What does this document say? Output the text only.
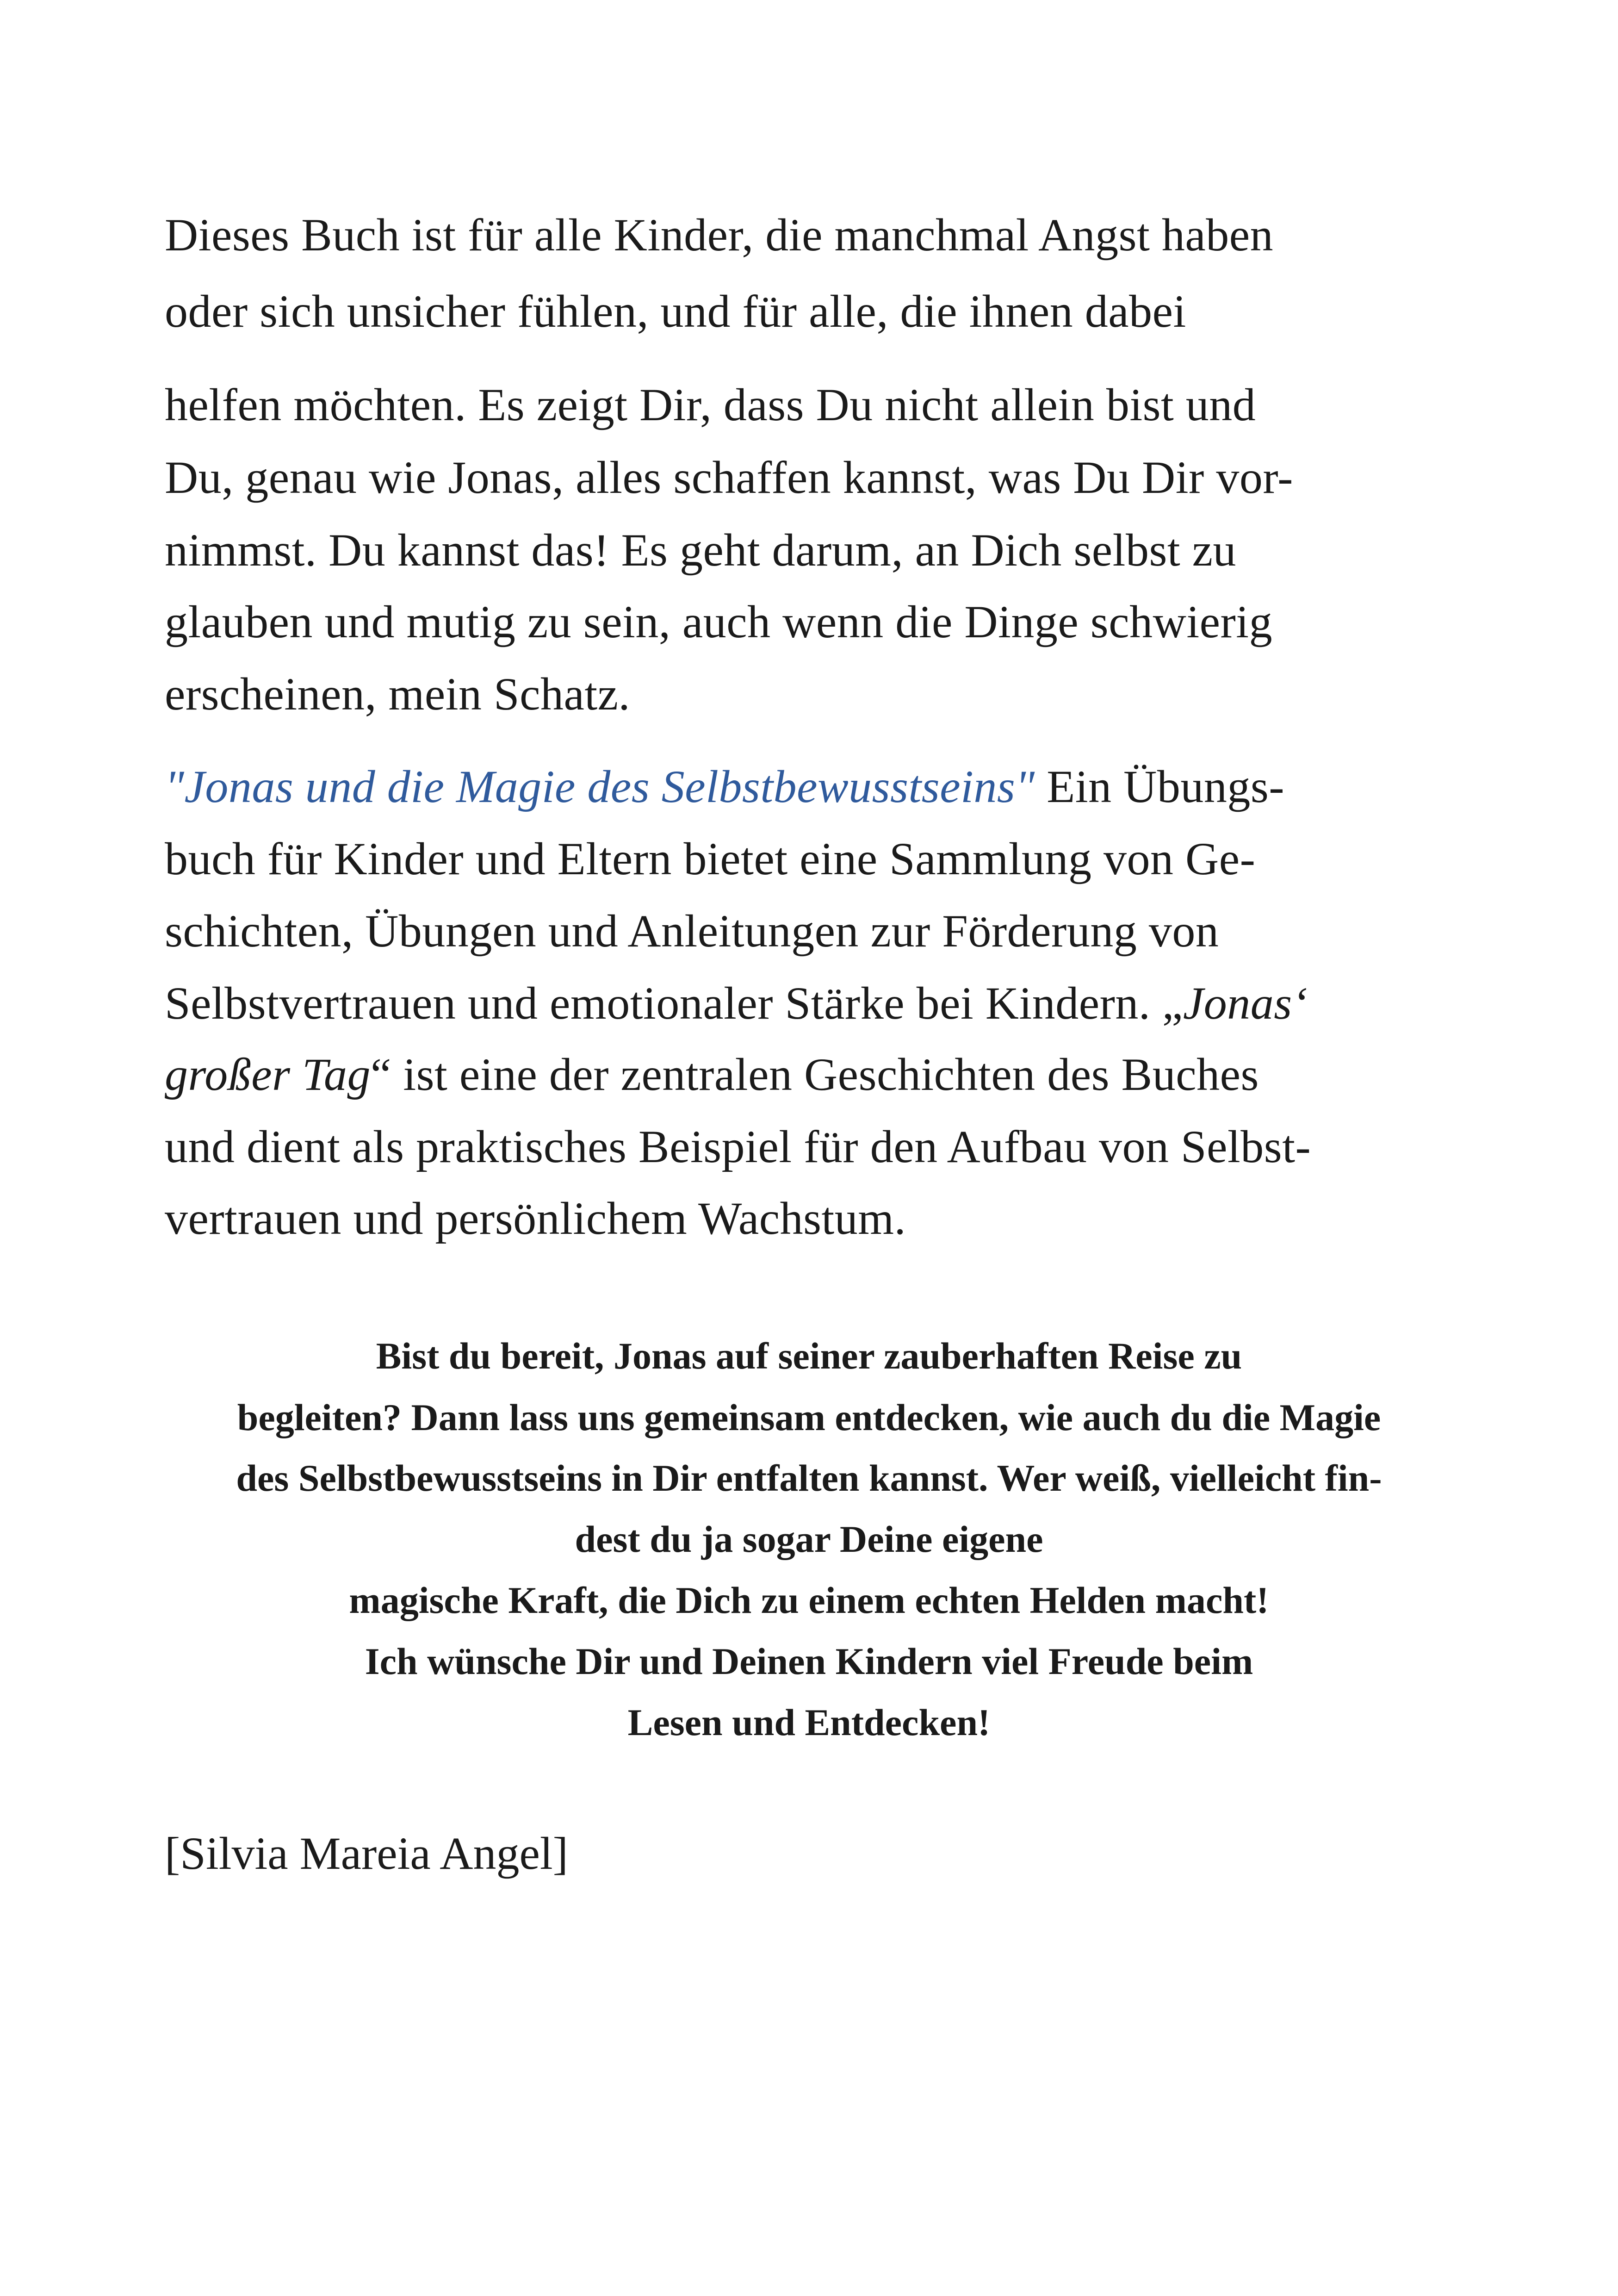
Dieses Buch ist für alle Kinder, die manchmal Angst haben
oder sich unsicher fühlen, und für alle, die ihnen dabei
helfen möchten. Es zeigt Dir, dass Du nicht allein bist und
Du, genau wie Jonas, alles schaffen kannst, was Du Dir vor-
nimmst. Du kannst das! Es geht darum, an Dich selbst zu
glauben und mutig zu sein, auch wenn die Dinge schwierig
erscheinen, mein Schatz.
"Jonas und die Magie des Selbstbewusstseins" Ein Übungs-
buch für Kinder und Eltern bietet eine Sammlung von Ge-
schichten, Übungen und Anleitungen zur Förderung von
Selbstvertrauen und emotionaler Stärke bei Kindern. „Jonas‘
großer Tag“ ist eine der zentralen Geschichten des Buches
und dient als praktisches Beispiel für den Aufbau von Selbst-
vertrauen und persönlichem Wachstum.
Bist du bereit, Jonas auf seiner zauberhaften Reise zu
begleiten? Dann lass uns gemeinsam entdecken, wie auch du die Magie
des Selbstbewusstseins in Dir entfalten kannst. Wer weiß, vielleicht fin-
dest du ja sogar Deine eigene
magische Kraft, die Dich zu einem echten Helden macht!
Ich wünsche Dir und Deinen Kindern viel Freude beim
Lesen und Entdecken!
[Silvia Mareia Angel]
